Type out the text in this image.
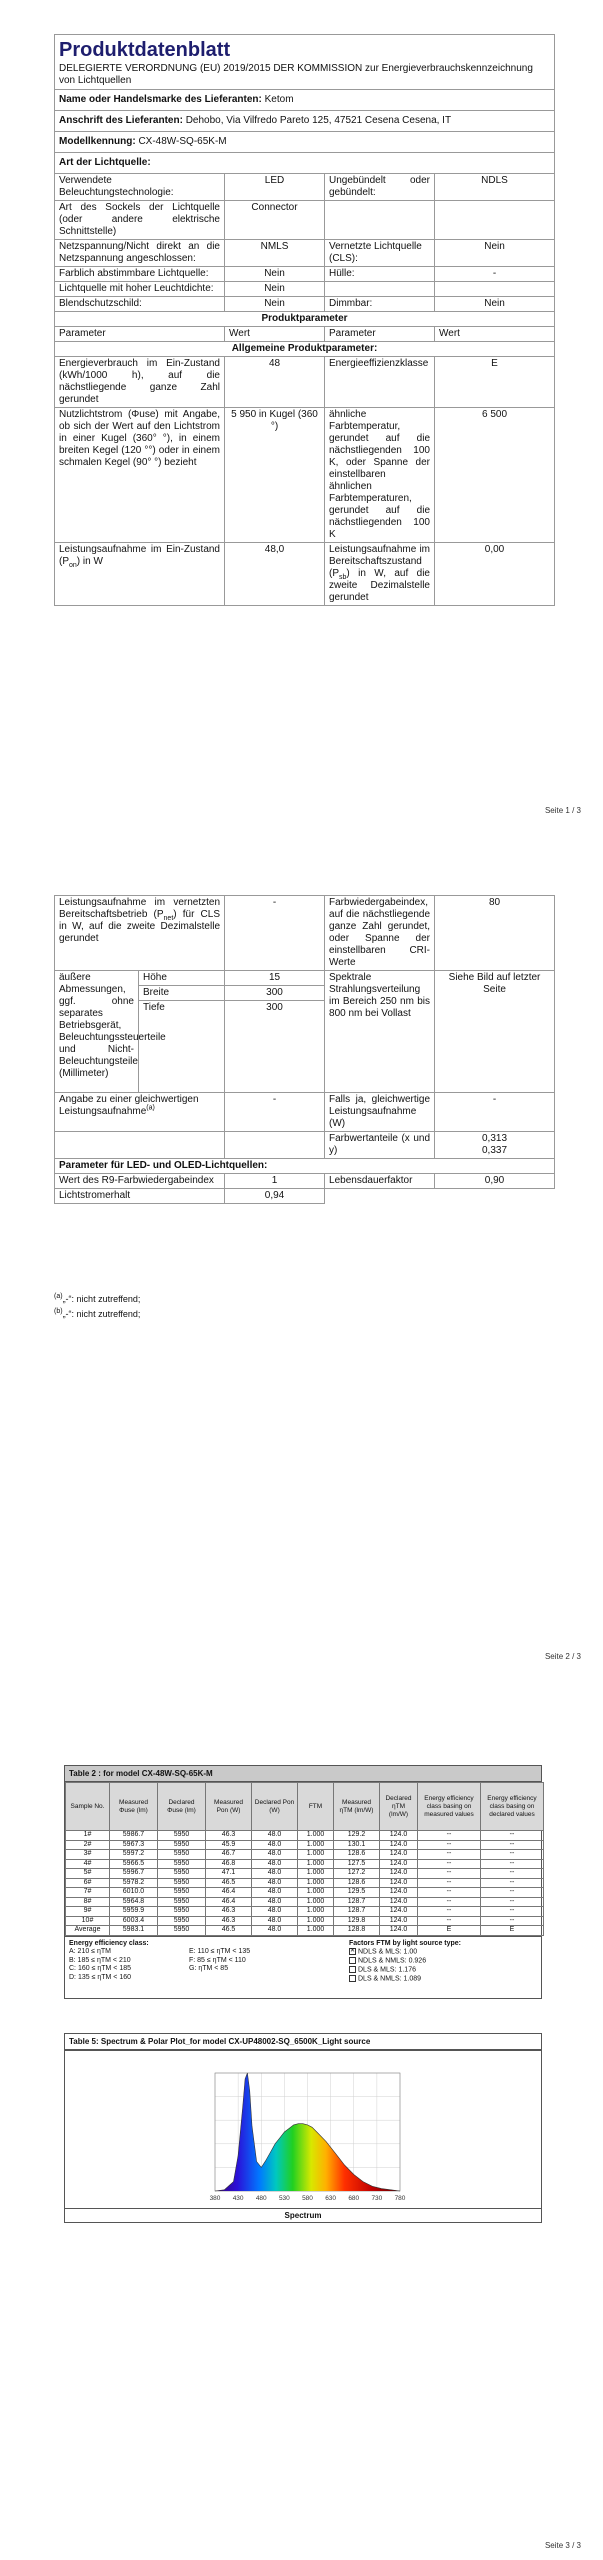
Produktdatenblatt
DELEGIERTE VERORDNUNG (EU) 2019/2015 DER KOMMISSION zur Energieverbrauchskennzeichnung von Lichtquellen			

Name oder Handelsmarke des Lieferanten: Ketom			
Anschrift des Lieferanten: Dehobo, Via Vilfredo Pareto 125, 47521 Cesena Cesena, IT			
Modellkennung: CX-48W-SQ-65K-M			
Art der Lichtquelle:			
Verwendete Beleuchtungstechnologie:	LED	Ungebündelt oder gebündelt:	NDLS
Art des Sockels der Lichtquelle (oder andere elektrische Schnittstelle)	Connector		
Netzspannung/Nicht direkt an die Netzspannung angeschlossen:	NMLS	Vernetzte Lichtquelle (CLS):	Nein
Farblich abstimmbare Lichtquelle:	Nein	Hülle:	-
Lichtquelle mit hoher Leuchtdichte:	Nein		
Blendschutzschild:	Nein	Dimmbar:	Nein
Produktparameter			
Parameter	Wert	Parameter	Wert
Allgemeine Produktparameter:			
Energieverbrauch im Ein-Zustand (kWh/1000 h), auf die nächstliegende ganze Zahl gerundet	48	Energieeffizienzklasse	E
Nutzlichtstrom (Φuse) mit Angabe, ob sich der Wert auf den Lichtstrom in einer Kugel (360° °), in einem breiten Kegel (120 °°) oder in einem schmalen Kegel (90° °) bezieht	5 950 in Kugel (360 °)	ähnliche Farbtemperatur, gerundet auf die nächstliegenden 100 K, oder Spanne der einstellbaren ähnlichen Farbtemperaturen, gerundet auf die nächstliegenden 100 K	6 500
Leistungsaufnahme im Ein-Zustand $(P_{on})$ in W	48,0	Leistungsaufnahme im Bereitschaftszustand $(P_{sb})$ in W, auf die zweite Dezimalstelle gerundet	0,00
Seite 1 / 3
Leistungsaufnahme im vernetzten Bereitschaftsbetrieb $(P_{net})$ für CLS in W, auf die zweite Dezimalstelle gerundet		-	Farbwiedergabeindex, auf die nächstliegende ganze Zahl gerundet, oder Spanne der einstellbaren CRI-Werte	80
äußere Abmessungen, ggf. ohne separates Betriebsgerät, Beleuchtungssteuerteile und Nicht-Beleuchtungsteile (Millimeter)	Höhe	15	Spektrale Strahlungsverteilung im Bereich 250 nm bis 800 nm bei Vollast	Siehe Bild auf letzter Seite
	Breite	300		
	Tiefe	300		
Angabe zu einer gleichwertigen Leistungsaufnahme$^{(a)}$		-	Falls ja, gleichwertige Leistungsaufnahme (W)	-
			Farbwertanteile (x und y)	0,313
0,337

Parameter für LED- und OLED-Lichtquellen:				
Wert des R9-Farbwiedergabeindex		1	Lebensdauerfaktor	0,90
Lichtstromerhalt		0,94		
$^{(a)}$„-“: nicht zutreffend;
$^{(b)}$„-“: nicht zutreffend;
Seite 2 / 3
Table 2 : for model CX-48W-SQ-65K-M
Sample No.	Measured Φuse (lm)	Declared Φuse (lm)	Measured Pon (W)	Declared Pon (W)	FTM	Measured ηTM (lm/W)	Declared ηTM (lm/W)	Energy efficiency class basing on measured values	Energy efficiency class basing on declared values
1#	5986.7	5950	46.3	48.0	1.000	129.2	124.0	--	--
2#	5967.3	5950	45.9	48.0	1.000	130.1	124.0	--	--
3#	5997.2	5950	46.7	48.0	1.000	128.6	124.0	--	--
4#	5966.5	5950	46.8	48.0	1.000	127.5	124.0	--	--
5#	5996.7	5950	47.1	48.0	1.000	127.2	124.0	--	--
6#	5978.2	5950	46.5	48.0	1.000	128.6	124.0	--	--
7#	6010.0	5950	46.4	48.0	1.000	129.5	124.0	--	--
8#	5964.8	5950	46.4	48.0	1.000	128.7	124.0	--	--
9#	5959.9	5950	46.3	48.0	1.000	128.7	124.0	--	--
10#	6003.4	5950	46.3	48.0	1.000	129.8	124.0	--	--
Average	5983.1	5950	46.5	48.0	1.000	128.8	124.0	E	E
Energy efficiency class:
A: 210 ≤ ηTM
B: 185 ≤ ηTM < 210
C: 160 ≤ ηTM < 185
D: 135 ≤ ηTM < 160
E: 110 ≤ ηTM < 135
F: 85 ≤ ηTM < 110
G: ηTM < 85
Factors FTM by light source type:
✕ NDLS & MLS: 1.00
NDLS & NMLS: 0.926
DLS & MLS: 1.176
DLS & NMLS: 1.089
Table 5: Spectrum & Polar Plot_for model CX-UP48002-SQ_6500K_Light source
380 430 480 530 580 630 680 730 780
Spectrum
Seite 3 / 3
